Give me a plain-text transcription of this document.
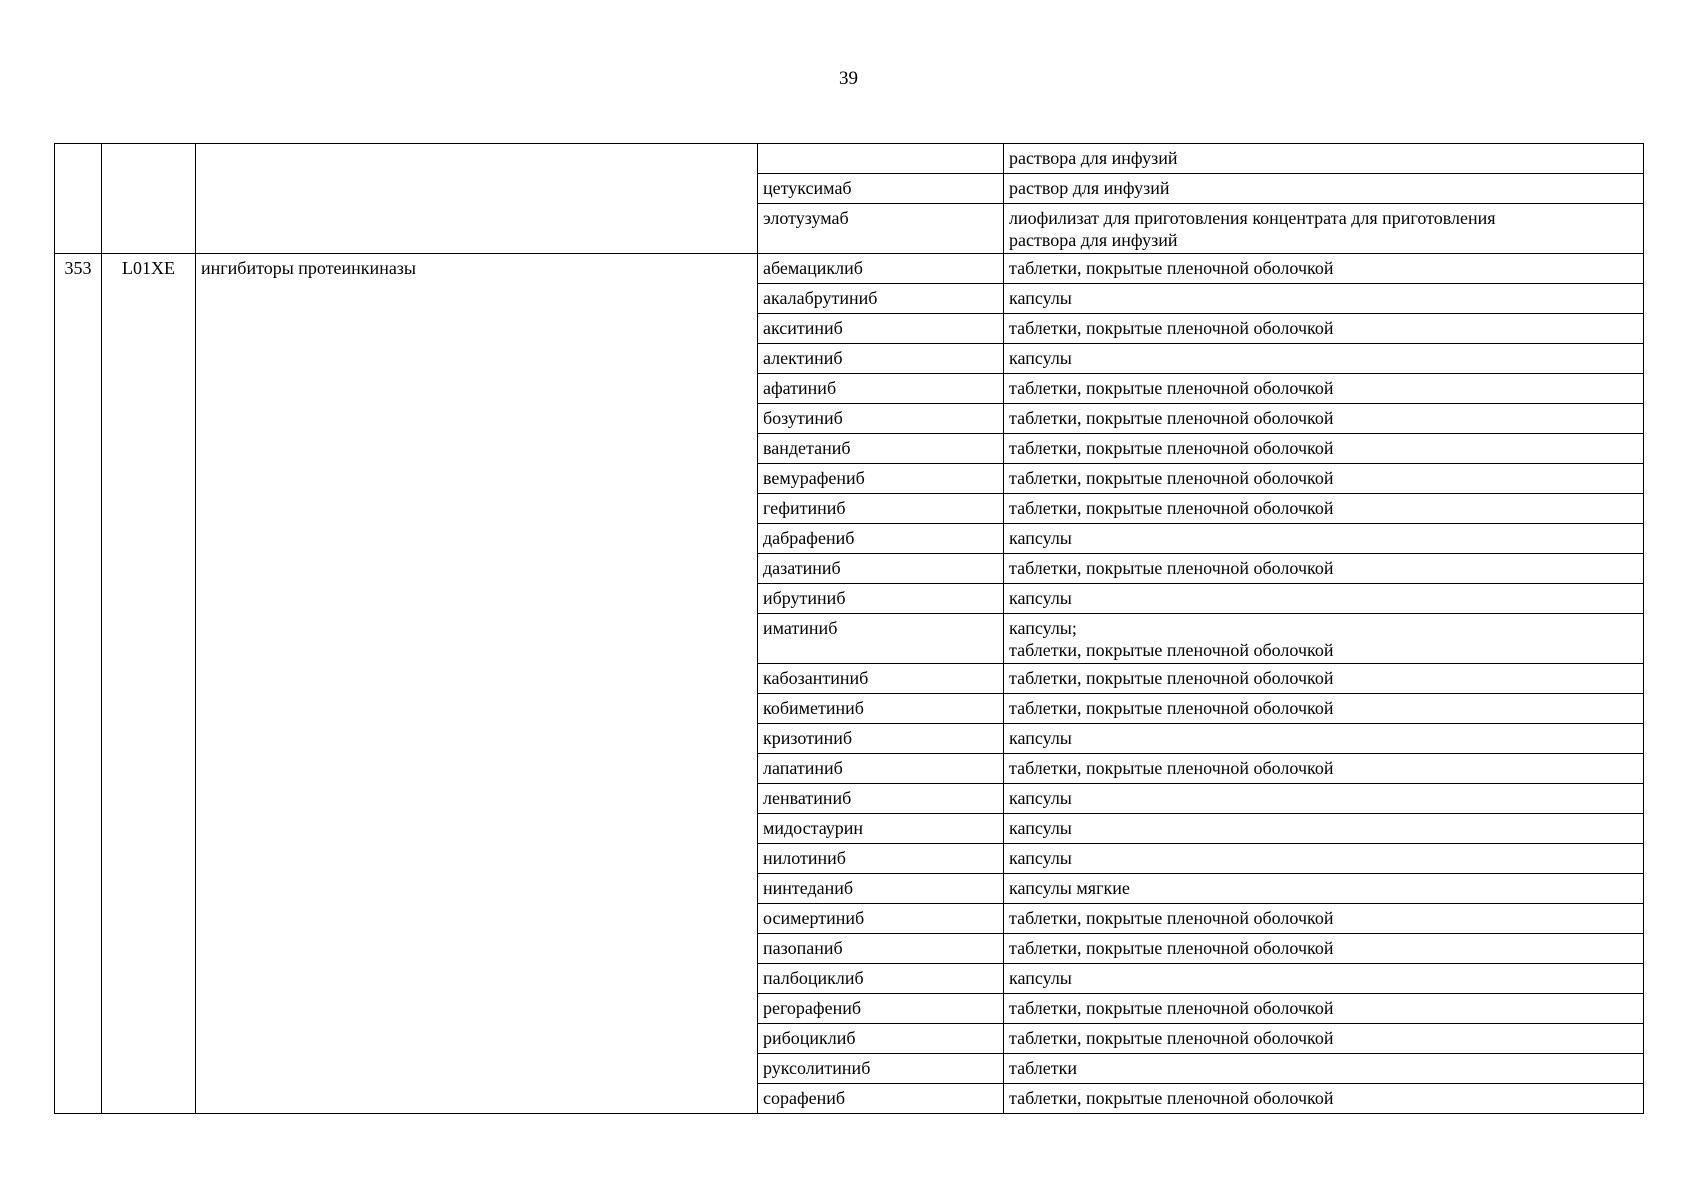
39

				раствора для инфузий

			цетуксимаб	раствор для инфузий

			элотузумаб	лиофилизат для приготовления концентрата для приготовления
раствора для инфузий

353	L01XE	ингибиторы протеинкиназы	абемациклиб	таблетки, покрытые пленочной оболочкой

			акалабрутиниб	капсулы

			акситиниб	таблетки, покрытые пленочной оболочкой

			алектиниб	капсулы

			афатиниб	таблетки, покрытые пленочной оболочкой

			бозутиниб	таблетки, покрытые пленочной оболочкой

			вандетаниб	таблетки, покрытые пленочной оболочкой

			вемурафениб	таблетки, покрытые пленочной оболочкой

			гефитиниб	таблетки, покрытые пленочной оболочкой

			дабрафениб	капсулы

			дазатиниб	таблетки, покрытые пленочной оболочкой

			ибрутиниб	капсулы

			иматиниб	капсулы;
таблетки, покрытые пленочной оболочкой

			кабозантиниб	таблетки, покрытые пленочной оболочкой

			кобиметиниб	таблетки, покрытые пленочной оболочкой

			кризотиниб	капсулы

			лапатиниб	таблетки, покрытые пленочной оболочкой

			ленватиниб	капсулы

			мидостаурин	капсулы

			нилотиниб	капсулы

			нинтеданиб	капсулы мягкие

			осимертиниб	таблетки, покрытые пленочной оболочкой

			пазопаниб	таблетки, покрытые пленочной оболочкой

			палбоциклиб	капсулы

			регорафениб	таблетки, покрытые пленочной оболочкой

			рибоциклиб	таблетки, покрытые пленочной оболочкой

			руксолитиниб	таблетки

			сорафениб	таблетки, покрытые пленочной оболочкой
